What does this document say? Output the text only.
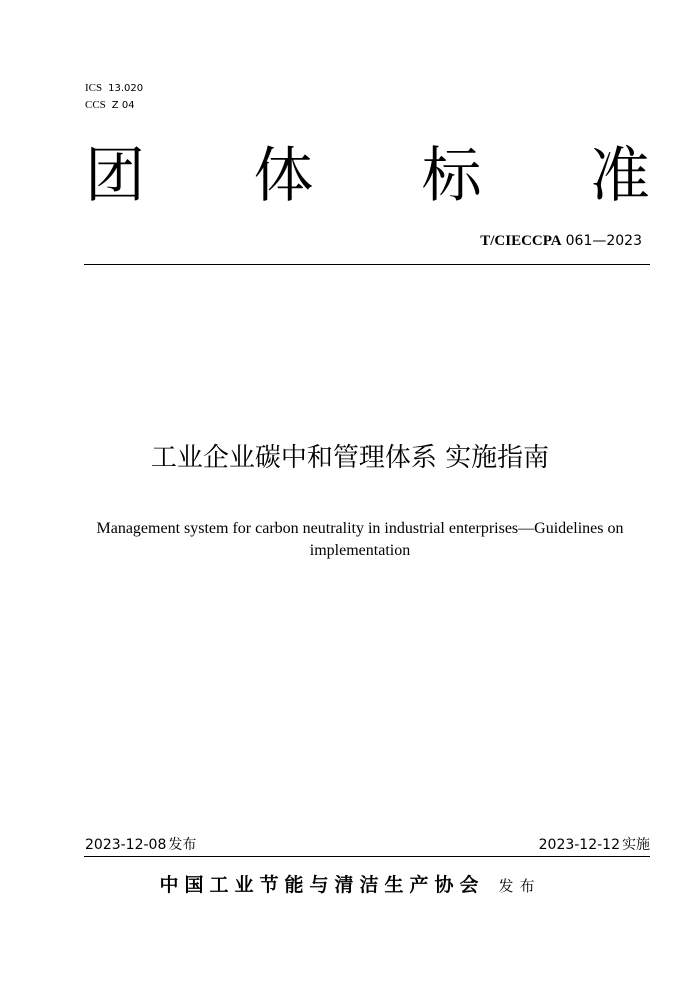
ICS 13.020
CCS Z 04
团 体 标 准
T/CIECCPA 061—2023
工业企业碳中和管理体系 实施指南
Management system for carbon neutrality in industrial enterprises—Guidelines on implementation
2023-12-08 发布	2023-12-12 实施
中国工业节能与清洁生产协会 发布
